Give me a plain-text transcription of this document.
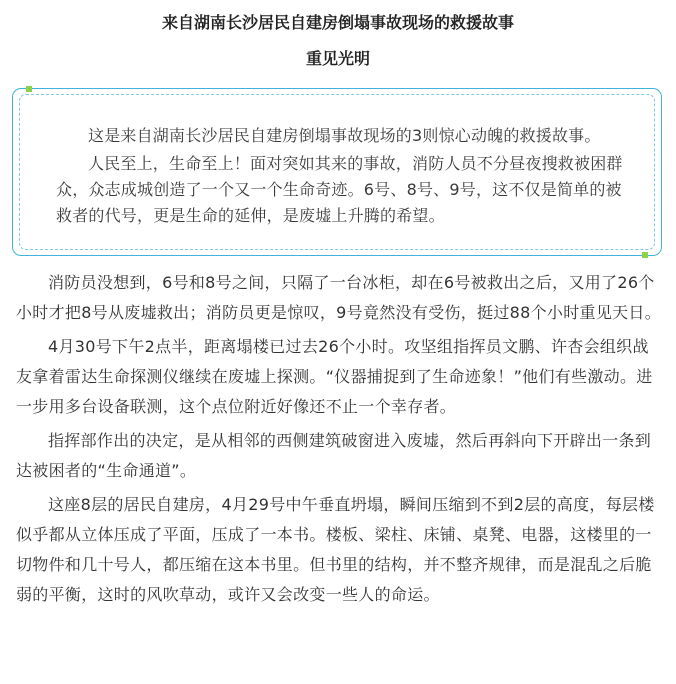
来自湖南长沙居民自建房倒塌事故现场的救援故事
重见光明

这是来自湖南长沙居民自建房倒塌事故现场的3则惊心动魄的救援故事。

人民至上，生命至上！面对突如其来的事故，消防人员不分昼夜搜救被困群众，众志成城创造了一个又一个生命奇迹。6号、8号、9号，这不仅是简单的被救者的代号，更是生命的延伸，是废墟上升腾的希望。

消防员没想到，6号和8号之间，只隔了一台冰柜，却在6号被救出之后，又用了26个小时才把8号从废墟救出；消防员更是惊叹，9号竟然没有受伤，挺过88个小时重见天日。

4月30号下午2点半，距离塌楼已过去26个小时。攻坚组指挥员文鹏、许杏会组织战友拿着雷达生命探测仪继续在废墟上探测。“仪器捕捉到了生命迹象！”他们有些激动。进一步用多台设备联测，这个点位附近好像还不止一个幸存者。

指挥部作出的决定，是从相邻的西侧建筑破窗进入废墟，然后再斜向下开辟出一条到达被困者的“生命通道”。

这座8层的居民自建房，4月29号中午垂直坍塌，瞬间压缩到不到2层的高度，每层楼似乎都从立体压成了平面，压成了一本书。楼板、梁柱、床铺、桌凳、电器，这楼里的一切物件和几十号人，都压缩在这本书里。但书里的结构，并不整齐规律，而是混乱之后脆弱的平衡，这时的风吹草动，或许又会改变一些人的命运。
